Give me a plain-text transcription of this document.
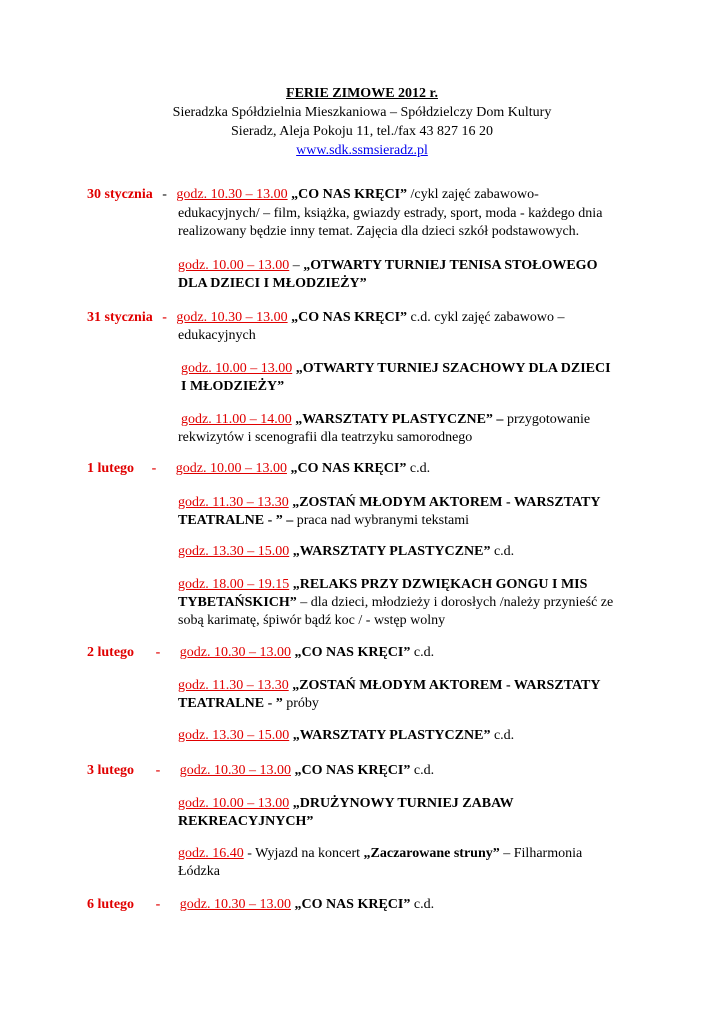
FERIE ZIMOWE 2012 r.
Sieradzka Spółdzielnia Mieszkaniowa – Spółdzielczy Dom Kultury
Sieradz, Aleja Pokoju 11, tel./fax 43 827 16 20
www.sdk.ssmsieradz.pl
30 stycznia - godz. 10.30 – 13.00 „CO NAS KRĘCI” /cykl zajęć zabawowo-
edukacyjnych/ – film, książka, gwiazdy estrady, sport, moda - każdego dnia
realizowany będzie inny temat. Zajęcia dla dzieci szkół podstawowych.
godz. 10.00 – 13.00 – „OTWARTY TURNIEJ TENISA STOŁOWEGO
DLA DZIECI I MŁODZIEŻY”
31 stycznia - godz. 10.30 – 13.00 „CO NAS KRĘCI” c.d. cykl zajęć zabawowo –
edukacyjnych
godz. 10.00 – 13.00 „OTWARTY TURNIEJ SZACHOWY DLA DZIECI
I MŁODZIEŻY”
godz. 11.00 – 14.00 „WARSZTATY PLASTYCZNE” – przygotowanie
rekwizytów i scenografii dla teatrzyku samorodnego
1 lutego - godz. 10.00 – 13.00 „CO NAS KRĘCI” c.d.
godz. 11.30 – 13.30 „ZOSTAŃ MŁODYM AKTOREM - WARSZTATY
TEATRALNE - ” – praca nad wybranymi tekstami
godz. 13.30 – 15.00 „WARSZTATY PLASTYCZNE” c.d.
godz. 18.00 – 19.15 „RELAKS PRZY DZWIĘKACH GONGU I MIS
TYBETAŃSKICH” – dla dzieci, młodzieży i dorosłych /należy przynieść ze
sobą karimatę, śpiwór bądź koc / - wstęp wolny
2 lutego - godz. 10.30 – 13.00 „CO NAS KRĘCI” c.d.
godz. 11.30 – 13.30 „ZOSTAŃ MŁODYM AKTOREM - WARSZTATY
TEATRALNE - ” próby
godz. 13.30 – 15.00 „WARSZTATY PLASTYCZNE” c.d.
3 lutego - godz. 10.30 – 13.00 „CO NAS KRĘCI” c.d.
godz. 10.00 – 13.00 „DRUŻYNOWY TURNIEJ ZABAW
REKREACYJNYCH”
godz. 16.40 - Wyjazd na koncert „Zaczarowane struny” – Filharmonia
Łódzka
6 lutego - godz. 10.30 – 13.00 „CO NAS KRĘCI” c.d.
